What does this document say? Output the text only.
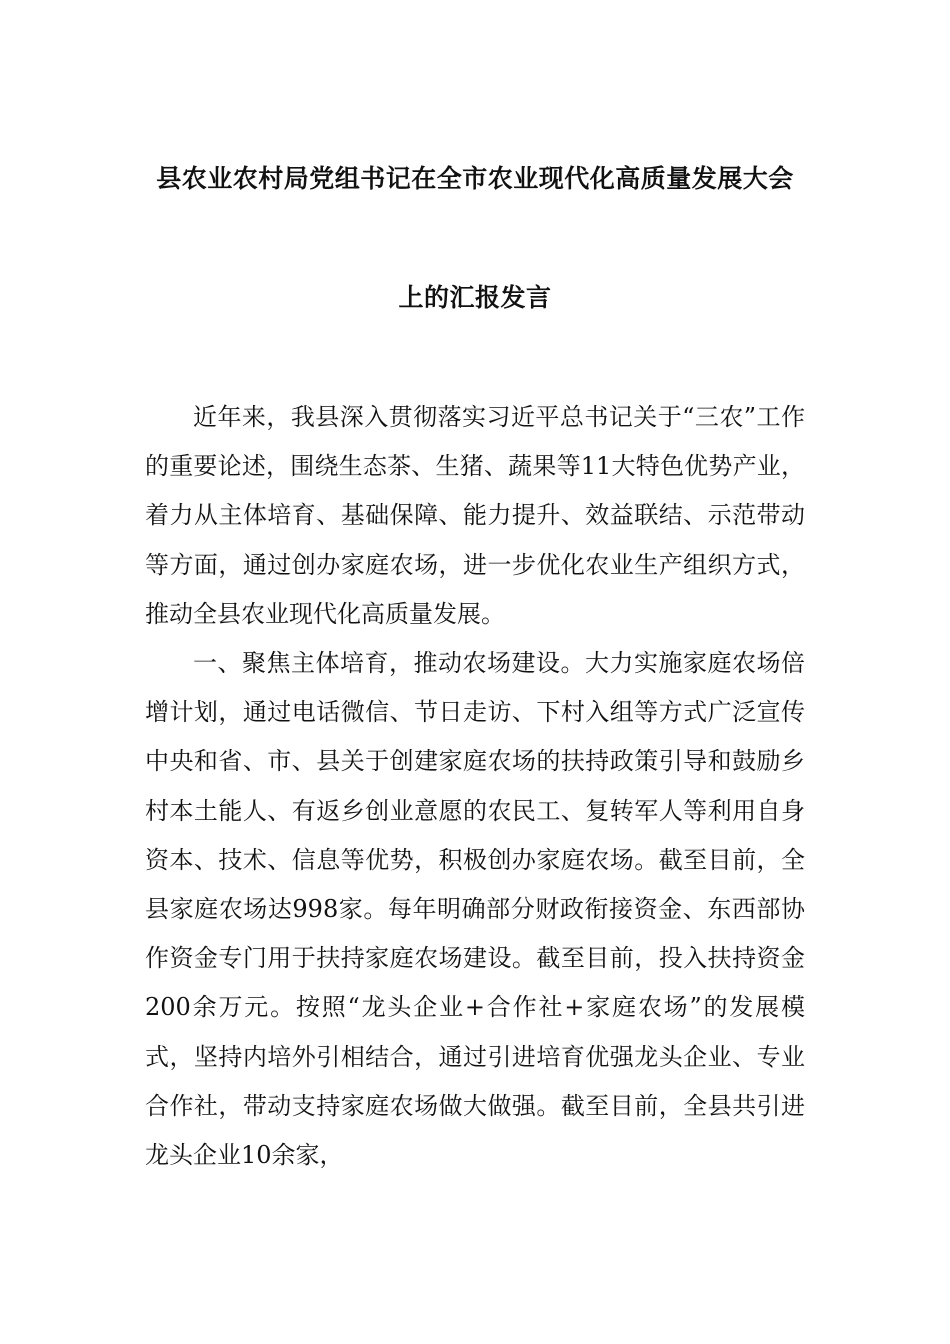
县农业农村局党组书记在全市农业现代化高质量发展大会
上的汇报发言

近年来，我县深入贯彻落实习近平总书记关于“三农”工作的重要论述，围绕生态茶、生猪、蔬果等11大特色优势产业，着力从主体培育、基础保障、能力提升、效益联结、示范带动等方面，通过创办家庭农场，进一步优化农业生产组织方式，推动全县农业现代化高质量发展。

一、聚焦主体培育，推动农场建设。大力实施家庭农场倍增计划，通过电话微信、节日走访、下村入组等方式广泛宣传中央和省、市、县关于创建家庭农场的扶持政策引导和鼓励乡村本土能人、有返乡创业意愿的农民工、复转军人等利用自身资本、技术、信息等优势，积极创办家庭农场。截至目前，全县家庭农场达998家。每年明确部分财政衔接资金、东西部协作资金专门用于扶持家庭农场建设。截至目前，投入扶持资金200余万元。按照“龙头企业+合作社+家庭农场”的发展模式，坚持内培外引相结合，通过引进培育优强龙头企业、专业合作社，带动支持家庭农场做大做强。截至目前，全县共引进龙头企业10余家，
